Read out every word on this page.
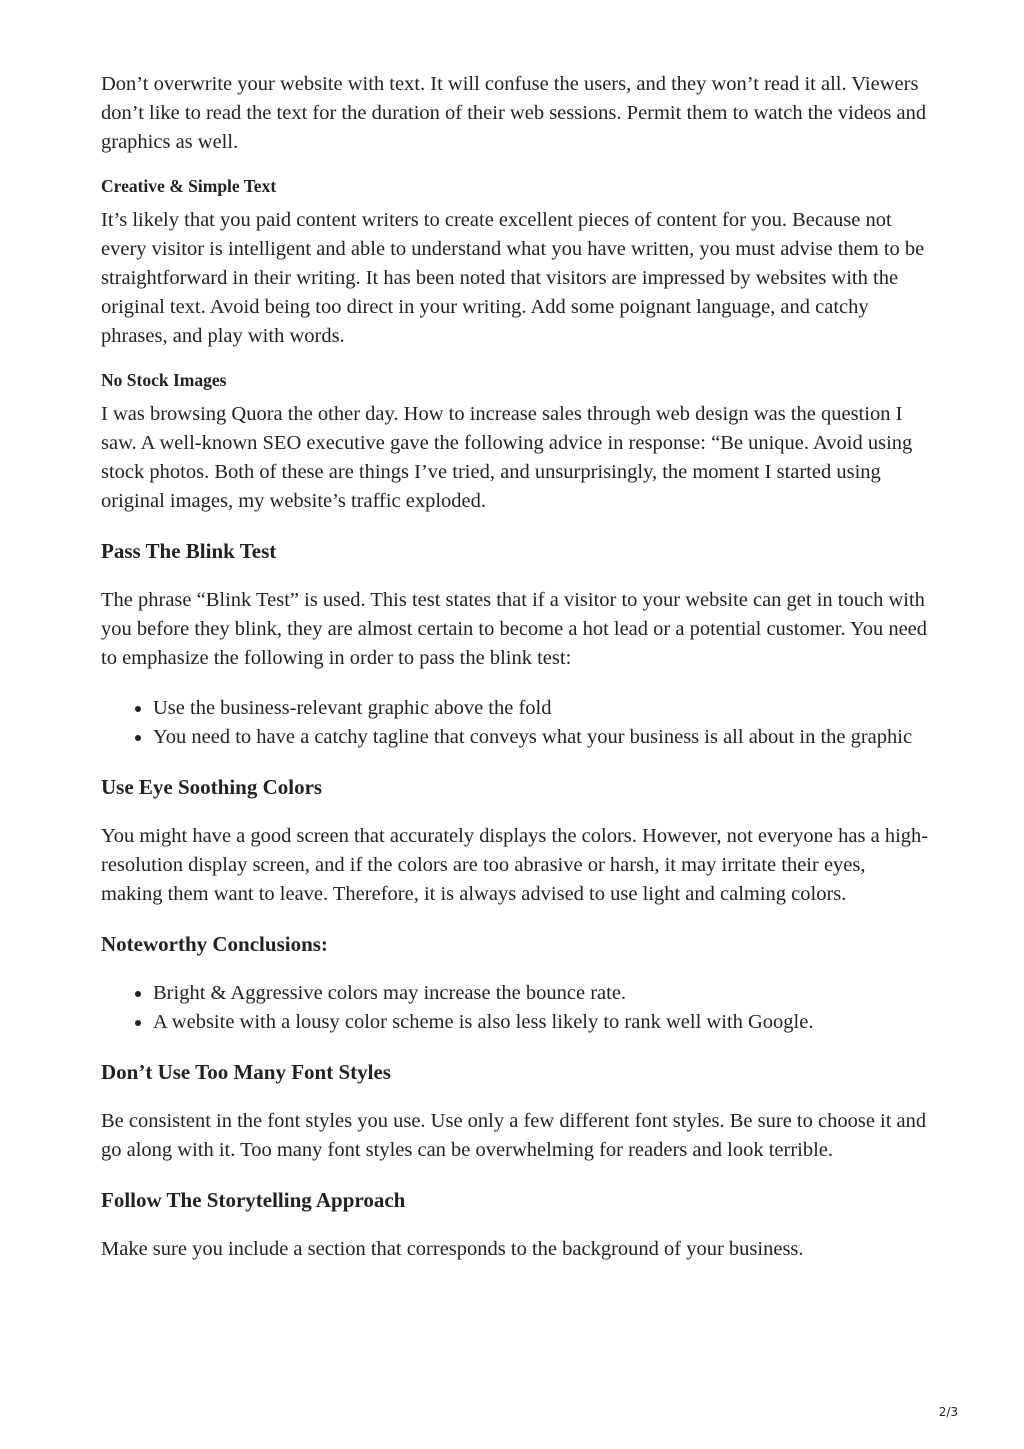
Don’t overwrite your website with text. It will confuse the users, and they won’t read it all. Viewers don’t like to read the text for the duration of their web sessions. Permit them to watch the videos and graphics as well.

Creative & Simple Text

It’s likely that you paid content writers to create excellent pieces of content for you. Because not every visitor is intelligent and able to understand what you have written, you must advise them to be straightforward in their writing. It has been noted that visitors are impressed by websites with the original text. Avoid being too direct in your writing. Add some poignant language, and catchy phrases, and play with words.

No Stock Images

I was browsing Quora the other day. How to increase sales through web design was the question I saw. A well-known SEO executive gave the following advice in response: “Be unique. Avoid using stock photos. Both of these are things I’ve tried, and unsurprisingly, the moment I started using original images, my website’s traffic exploded.

Pass The Blink Test

The phrase “Blink Test” is used. This test states that if a visitor to your website can get in touch with you before they blink, they are almost certain to become a hot lead or a potential customer. You need to emphasize the following in order to pass the blink test:

• Use the business-relevant graphic above the fold
• You need to have a catchy tagline that conveys what your business is all about in the graphic
Use Eye Soothing Colors

You might have a good screen that accurately displays the colors. However, not everyone has a high-resolution display screen, and if the colors are too abrasive or harsh, it may irritate their eyes, making them want to leave. Therefore, it is always advised to use light and calming colors.

Noteworthy Conclusions:
• Bright & Aggressive colors may increase the bounce rate.
• A website with a lousy color scheme is also less likely to rank well with Google.
Don’t Use Too Many Font Styles

Be consistent in the font styles you use. Use only a few different font styles. Be sure to choose it and go along with it. Too many font styles can be overwhelming for readers and look terrible.

Follow The Storytelling Approach

Make sure you include a section that corresponds to the background of your business.

2/3
